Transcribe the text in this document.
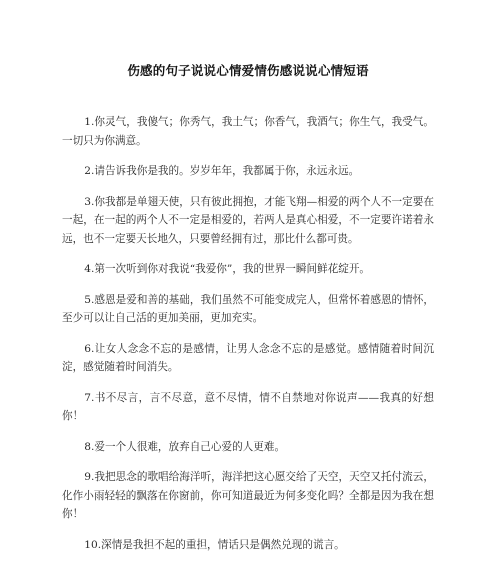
伤感的句子说说心情爱情伤感说说心情短语
1.你灵气，我傻气；你秀气，我土气；你香气，我酒气；你生气，我受气。一切只为你满意。
2.请告诉我你是我的。岁岁年年，我都属于你，永远永远。
3.你我都是单翅天使，只有彼此拥抱，才能飞翔—相爱的两个人不一定要在一起，在一起的两个人不一定是相爱的，若两人是真心相爱，不一定要许诺着永远，也不一定要天长地久，只要曾经拥有过，那比什么都可贵。
4.第一次听到你对我说“我爱你”，我的世界一瞬间鲜花绽开。
5.感恩是爱和善的基础，我们虽然不可能变成完人，但常怀着感恩的情怀，至少可以让自己活的更加美丽，更加充实。
6.让女人念念不忘的是感情，让男人念念不忘的是感觉。感情随着时间沉淀，感觉随着时间消失。
7.书不尽言，言不尽意，意不尽情，情不自禁地对你说声——我真的好想你！
8.爱一个人很难，放弃自己心爱的人更难。
9.我把思念的歌唱给海洋听，海洋把这心愿交给了天空，天空又托付流云，化作小雨轻轻的飘落在你窗前，你可知道最近为何多变化吗？全都是因为我在想你！
10.深情是我担不起的重担，情话只是偶然兑现的谎言。
